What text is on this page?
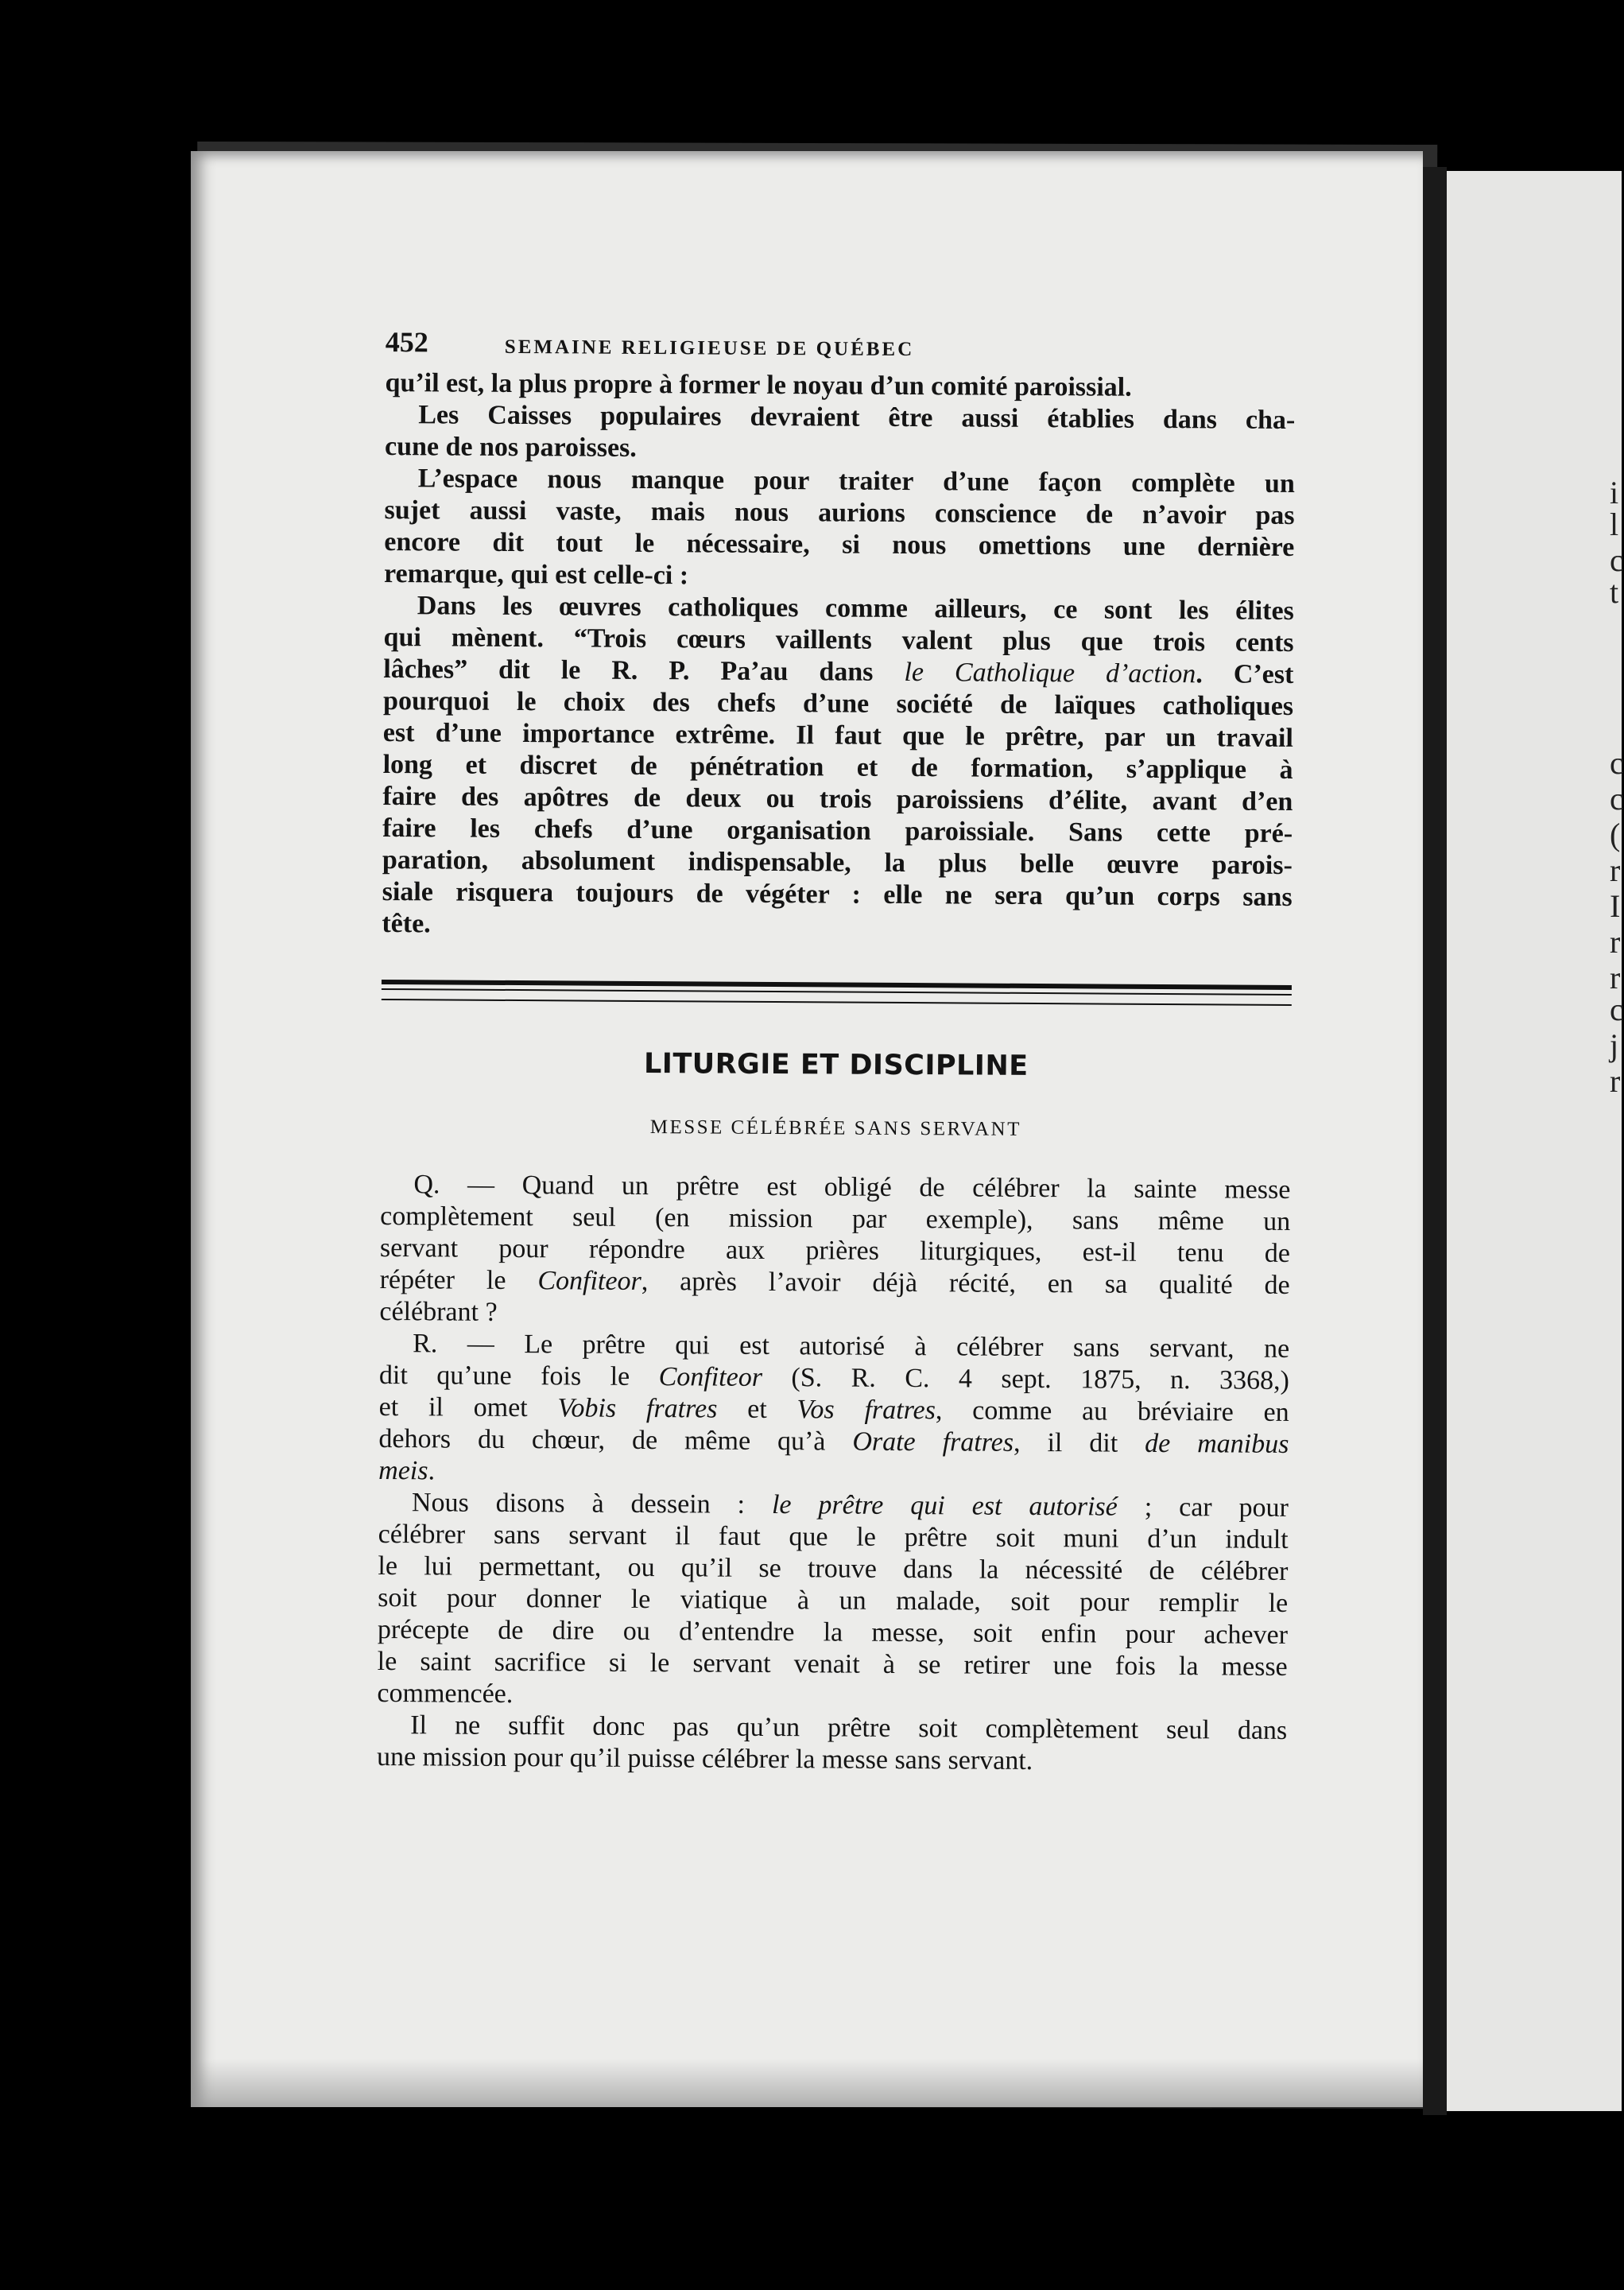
i
l
c
t
c
c
(
r
I
r
r
c
j
r
452	SEMAINE RELIGIEUSE DE QUÉBEC
qu’il est, la plus propre à former le noyau d’un comité paroissial.
Les Caisses populaires devraient être aussi établies dans cha-
cune de nos paroisses.
L’espace nous manque pour traiter d’une façon complète un
sujet aussi vaste, mais nous aurions conscience de n’avoir pas
encore dit tout le nécessaire, si nous omettions une dernière
remarque, qui est celle-ci :
Dans les œuvres catholiques comme ailleurs, ce sont les élites
qui mènent. “Trois cœurs vaillents valent plus que trois cents
lâches” dit le R. P. Pa’au dans le Catholique d’action. C’est
pourquoi le choix des chefs d’une société de laïques catholiques
est d’une importance extrême. Il faut que le prêtre, par un travail
long et discret de pénétration et de formation, s’applique à
faire des apôtres de deux ou trois paroissiens d’élite, avant d’en
faire les chefs d’une organisation paroissiale. Sans cette pré-
paration, absolument indispensable, la plus belle œuvre parois-
siale risquera toujours de végéter : elle ne sera qu’un corps sans
tête.
LITURGIE ET DISCIPLINE
MESSE CÉLÉBRÉE SANS SERVANT
Q. — Quand un prêtre est obligé de célébrer la sainte messe
complètement seul (en mission par exemple), sans même un
servant pour répondre aux prières liturgiques, est-il tenu de
répéter le Confiteor, après l’avoir déjà récité, en sa qualité de
célébrant ?
R. — Le prêtre qui est autorisé à célébrer sans servant, ne
dit qu’une fois le Confiteor (S. R. C. 4 sept. 1875, n. 3368,)
et il omet Vobis fratres et Vos fratres, comme au bréviaire en
dehors du chœur, de même qu’à Orate fratres, il dit de manibus
meis.
Nous disons à dessein : le prêtre qui est autorisé ; car pour
célébrer sans servant il faut que le prêtre soit muni d’un indult
le lui permettant, ou qu’il se trouve dans la nécessité de célébrer
soit pour donner le viatique à un malade, soit pour remplir le
précepte de dire ou d’entendre la messe, soit enfin pour achever
le saint sacrifice si le servant venait à se retirer une fois la messe
commencée.
Il ne suffit donc pas qu’un prêtre soit complètement seul dans
une mission pour qu’il puisse célébrer la messe sans servant.
